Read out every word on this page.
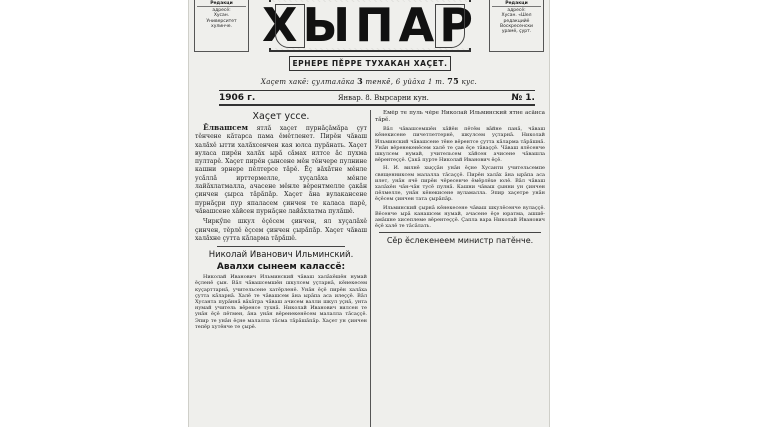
Редакци
адресĕ:
Хусан.
Университет
хулинче. ХЫПАР	Редакци
адресĕ:
Хусан. «Шел
редакцийĕ
Воскресенски
урамĕ, ҫурт.
ЕРНЕРЕ ПĔРРЕ ТУХАКАН ХАҪЕТ.
Хаҫет хакĕ: ҫулталăка 3 тенкĕ, 6 уйăха 1 т. 75 кус.
1906 г.	Январ. 8. Вырсарни кун.	№ 1.
Хаҫет уссе.

Ӗлвашсем ятлă хаҫет пурнăҫăмăра ҫут тĕнчене кăтарса пама ĕмĕтленет. Пирĕн чăваш халăхĕ ытти халăхсенчен кая юлса пурăнать. Хаҫет вуласа пирĕн халăх ырă сăмах илтсе ăс пухма пултарĕ. Хаҫет пирĕн ҫынсене мĕн тĕнчере пулнине кашни эрнере пĕлтерсе тăрĕ. Ĕҫ вăхăтне мĕнле усăллă ирттермелле, хуҫалăха мĕнле лайăхлатмалла, ачасене мĕнле вĕрентмелле ҫакăн ҫинчен ҫырса тăрăпăр. Хаҫет ăна вулакансене пурнăҫри пур япаласем ҫинчен те каласа парĕ, чăвашсене хăйсен пурнăҫне лайăхлатма пулăшĕ.

Чиркӳпе шкул ĕҫĕсем ҫинчен, ял хуҫалăхĕ ҫинчен, тĕрлĕ ĕҫсем ҫинчен ҫырăпăр. Хаҫет чăваш халăхне ҫутта кăларма тăрăшĕ.

Николай Иванович Ильминский.
Авалхи сынеем калассĕ:

Николай Иванович Ильминский чăваш халăхĕшĕн нумай ĕҫленĕ ҫын. Вăл чăвашсемшĕн шкулсем уҫтарнă, кĕнекесем куҫарттарнă, учительсене хатĕрленĕ. Унăн ĕҫĕ пирĕн халăха ҫутта кăларнă. Халĕ те чăвашсем ăна ырăпа аса илеҫҫĕ. Вăл Хусанта пурăннă вăхăтра чăваш ачисем валли шкул уҫнă, унта нумай учитель вĕренсе тухнă. Николай Иванович вилсен те унăн ĕҫĕ пĕтмен, ăна унăн вĕренекенĕсем малалла тăсаҫҫĕ. Эпир те унăн ĕҫне малалла тăсма тăрăшăпăр. Хаҫет ун ҫинчен тепĕр хутĕнче те ҫырĕ.

Ӗмĕр те пуль чĕре Николай Ильминский ятне асăнса тăрĕ.

Вăл чăвашсемшĕн хăйĕн пĕтĕм вăйне панă, чăваш кĕнекисене пичетлеттернĕ, шкулсем уҫтарнă. Николай Ильминский чăвашсене тĕне вĕрентсе ҫутта кăларма тăрăшнă. Унăн вĕренекенĕсем халĕ те ҫав ĕҫе тăваҫҫĕ. Чăваш ялĕсенче шкулсем нумай, учительсем хăйсен ачисене чăвашла вĕрентеҫҫĕ. Ҫакă пурте Николай Иванович ĕҫĕ.

Н. И. вилнĕ хыҫҫăн унăн ĕҫне Хусанти учительсемпе священниксем малалла тăсаҫҫĕ. Пирĕн халăх ăна ырăпа аса илет, унăн ячĕ пирĕн чĕресенче ĕмĕрлĕхе юлĕ. Вăл чăваш халăхĕн чăн-чăн тусĕ пулнă. Кашни чăваш ҫынни ун ҫинчен пĕлмелле, унăн кĕнекисене вуламалла. Эпир хаҫетре унăн ĕҫĕсем ҫинчен тата ҫырăпăр.

Ильминский ҫырнă кĕнекесене чăваш шкулĕсенче вулаҫҫĕ. Вĕсенче ырă канашсем нумай, ачасене ĕҫе юратма, ашшĕ-амăшне хисеплеме вĕрентеҫҫĕ. Ҫапла вара Николай Иванович ĕҫĕ халĕ те тăсăлать.

Сĕр ĕслекенеем министр патĕнче.
